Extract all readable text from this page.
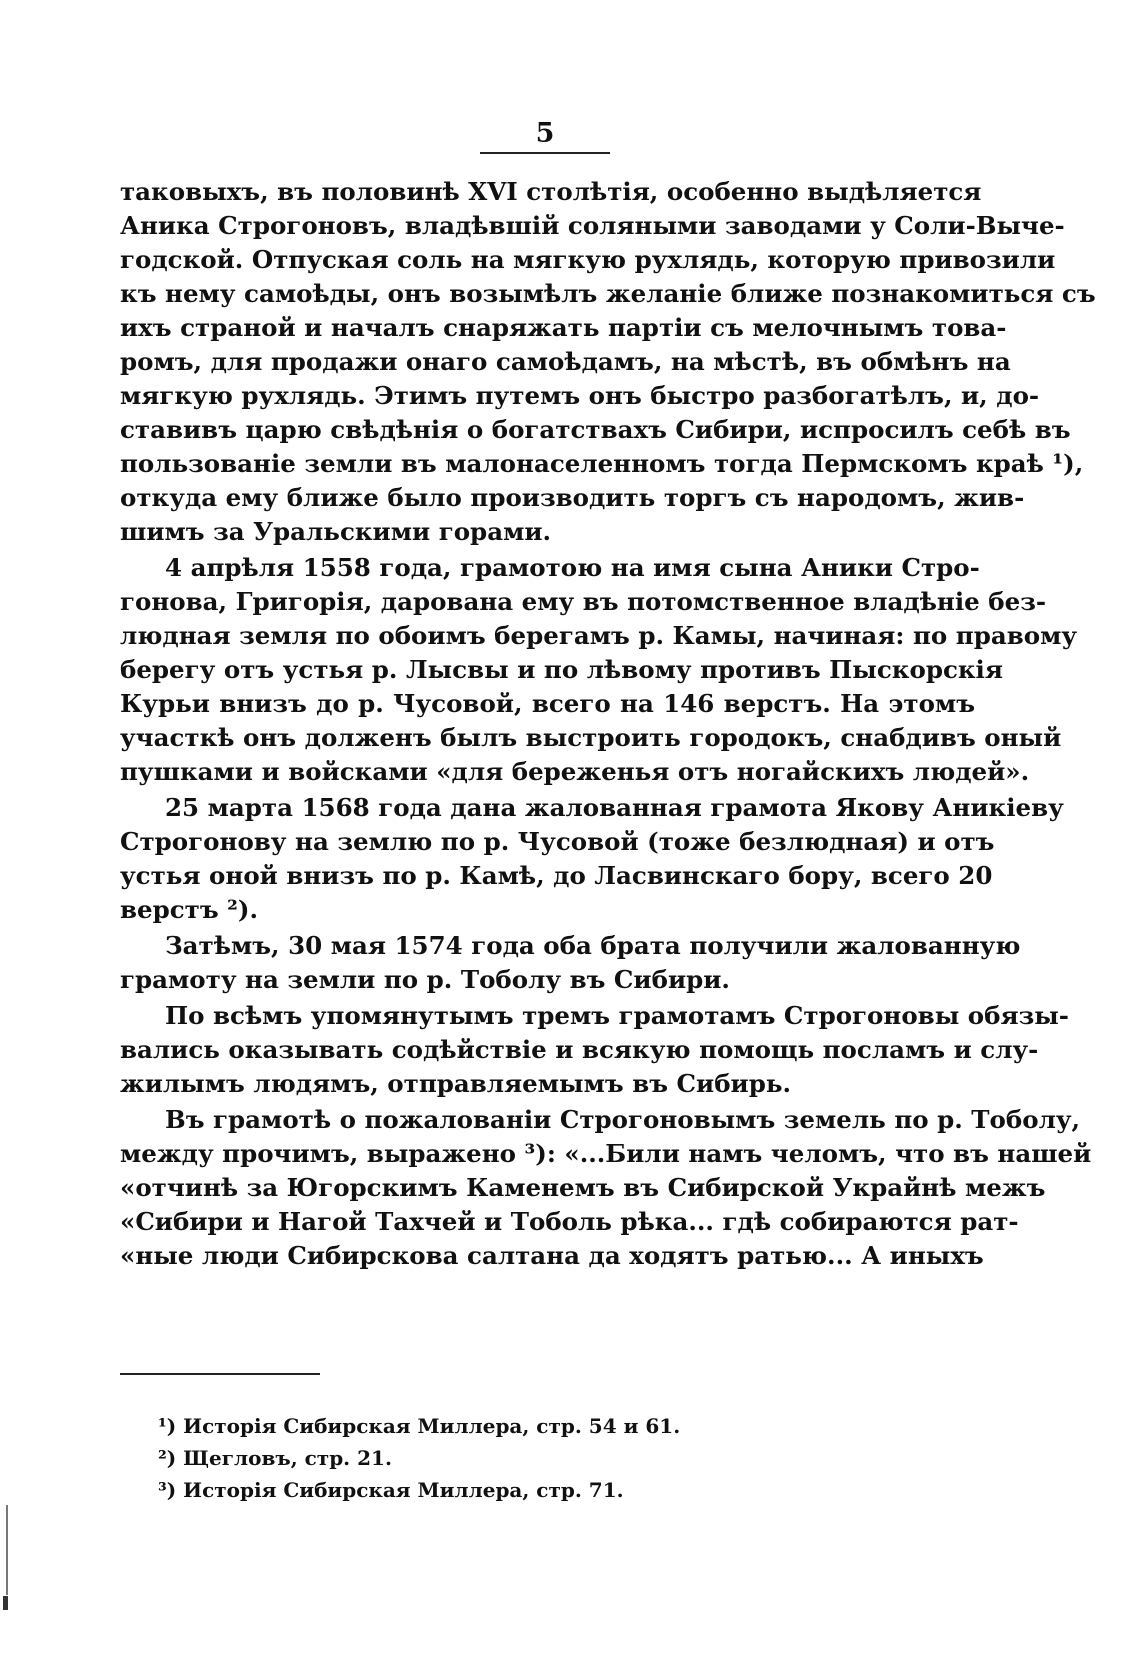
5
таковыхъ, въ половинѣ XVI столѣтія, особенно выдѣляется
Аника Строгоновъ, владѣвшій соляными заводами у Соли-Выче-
годской. Отпуская соль на мягкую рухлядь, которую привозили
къ нему самоѣды, онъ возымѣлъ желаніе ближе познакомиться съ
ихъ страной и началъ снаряжать партіи съ мелочнымъ това-
ромъ, для продажи онаго самоѣдамъ, на мѣстѣ, въ обмѣнъ на
мягкую рухлядь. Этимъ путемъ онъ быстро разбогатѣлъ, и, до-
ставивъ царю свѣдѣнія о богатствахъ Сибири, испросилъ себѣ въ
пользованіе земли въ малонаселенномъ тогда Пермскомъ краѣ ¹),
откуда ему ближе было производить торгъ съ народомъ, жив-
шимъ за Уральскими горами.
4 апрѣля 1558 года, грамотою на имя сына Аники Стро-
гонова, Григорія, дарована ему въ потомственное владѣніе без-
людная земля по обоимъ берегамъ р. Камы, начиная: по правому
берегу отъ устья р. Лысвы и по лѣвому противъ Пыскорскія
Курьи внизъ до р. Чусовой, всего на 146 верстъ. На этомъ
участкѣ онъ долженъ былъ выстроить городокъ, снабдивъ оный
пушками и войсками «для береженья отъ ногайскихъ людей».
25 марта 1568 года дана жалованная грамота Якову Аникіеву
Строгонову на землю по р. Чусовой (тоже безлюдная) и отъ
устья оной внизъ по р. Камѣ, до Ласвинскаго бору, всего 20
верстъ ²).
Затѣмъ, 30 мая 1574 года оба брата получили жалованную
грамоту на земли по р. Тоболу въ Сибири.
По всѣмъ упомянутымъ тремъ грамотамъ Строгоновы обязы-
вались оказывать содѣйствіе и всякую помощь посламъ и слу-
жилымъ людямъ, отправляемымъ въ Сибирь.
Въ грамотѣ о пожалованіи Строгоновымъ земель по р. Тоболу,
между прочимъ, выражено ³): «...Били намъ челомъ, что въ нашей
«отчинѣ за Югорскимъ Каменемъ въ Сибирской Украйнѣ межъ
«Сибири и Нагой Тахчей и Тоболь рѣка... гдѣ собираются рат-
«ные люди Сибирскова салтана да ходятъ ратью... А иныхъ
¹) Исторія Сибирская Миллера, стр. 54 и 61.
²) Щегловъ, стр. 21.
³) Исторія Сибирская Миллера, стр. 71.
